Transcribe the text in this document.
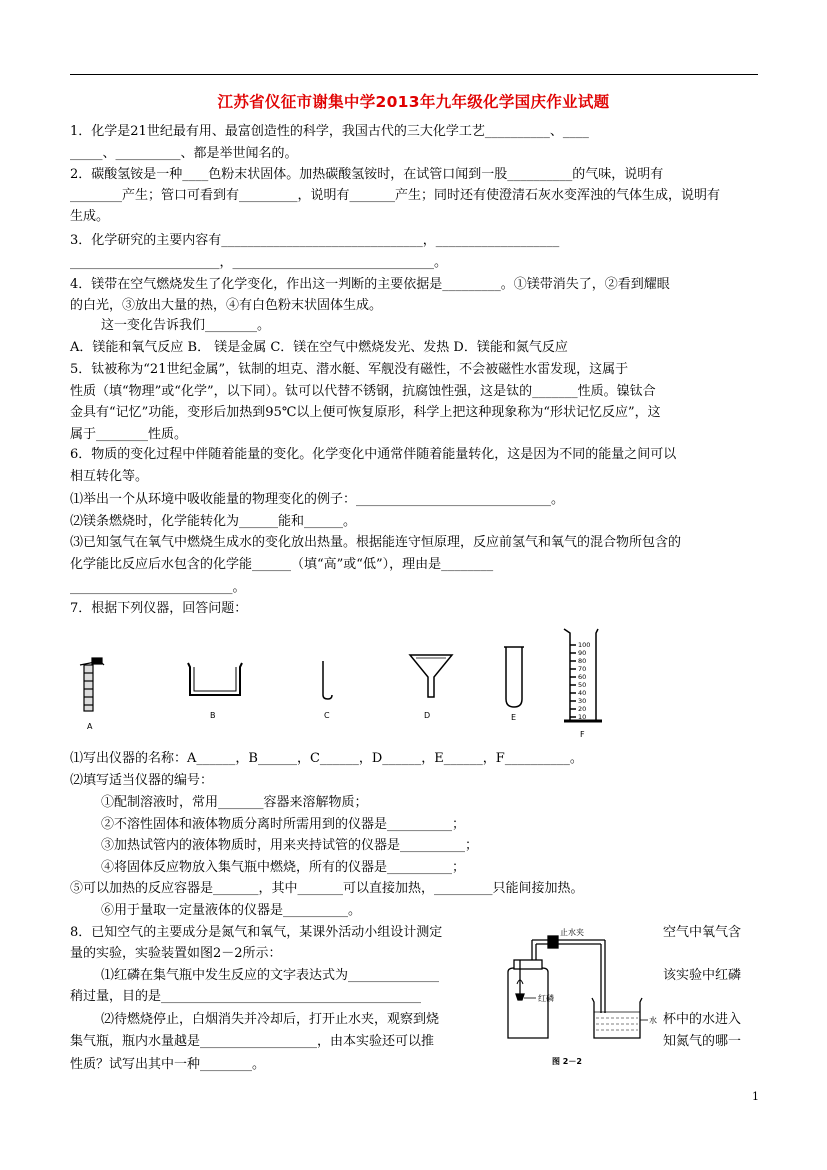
江苏省仪征市谢集中学2013年九年级化学国庆作业试题
1．化学是21世纪最有用、最富创造性的科学，我国古代的三大化学工艺__________、____
_____、__________、都是举世闻名的。
2．碳酸氢铵是一种____色粉末状固体。加热碳酸氢铵时，在试管口闻到一股__________的气味，说明有
________产生；管口可看到有_________，说明有_______产生；同时还有使澄清石灰水变浑浊的气体生成，说明有
生成。
3．化学研究的主要内容有_______________________________，___________________
_______________________，_______________________________。
4．镁带在空气燃烧发生了化学变化，作出这一判断的主要依据是_________。①镁带消失了，②看到耀眼
的白光，③放出大量的热，④有白色粉末状固体生成。
这一变化告诉我们________。
A．镁能和氧气反应 B． 镁是金属 C．镁在空气中燃烧发光、发热 D．镁能和氮气反应
5．钛被称为“21世纪金属”，钛制的坦克、潜水艇、军舰没有磁性，不会被磁性水雷发现，这属于
性质（填“物理”或“化学”，以下同）。钛可以代替不锈钢，抗腐蚀性强，这是钛的_______性质。镍钛合
金具有“记忆”功能，变形后加热到95℃以上便可恢复原形，科学上把这种现象称为“形状记忆反应”，这
属于________性质。
6．物质的变化过程中伴随着能量的变化。化学变化中通常伴随着能量转化，这是因为不同的能量之间可以
相互转化等。
⑴举出一个从环境中吸收能量的物理变化的例子：______________________________。
⑵镁条燃烧时，化学能转化为______能和______。
⑶已知氢气在氧气中燃烧生成水的变化放出热量。根据能连守恒原理，反应前氢气和氧气的混合物所包含的
化学能比反应后水包含的化学能______（填“高”或“低”），理由是________
_________________________。
7．根据下列仪器，回答问题：
A
B	C	D	E
100
90
80
70
60
50
40
30
20
10
F
⑴写出仪器的名称：A______，B______，C______，D______，E______，F__________。
⑵填写适当仪器的编号：
①配制溶液时，常用_______容器来溶解物质；
②不溶性固体和液体物质分离时所需用到的仪器是__________；
③加热试管内的液体物质时，用来夹持试管的仪器是__________；
④将固体反应物放入集气瓶中燃烧，所有的仪器是__________；
⑤可以加热的反应容器是_______，其中_______可以直接加热，_________只能间接加热。
⑥用于量取一定量液体的仪器是__________。
8．已知空气的主要成分是氮气和氧气，某课外活动小组设计测定	空气中氧气含
量的实验，实验装置如图2－2所示：
⑴红磷在集气瓶中发生反应的文字表达式为______________	该实验中红磷
稍过量，目的是________________________________________
⑵待燃烧停止，白烟消失并冷却后，打开止水夹，观察到烧	杯中的水进入
集气瓶，瓶内水量越是__________________，由本实验还可以推	知氮气的哪一
性质？试写出其中一种________。
止水夹
红磷
水
图 2－2
1
